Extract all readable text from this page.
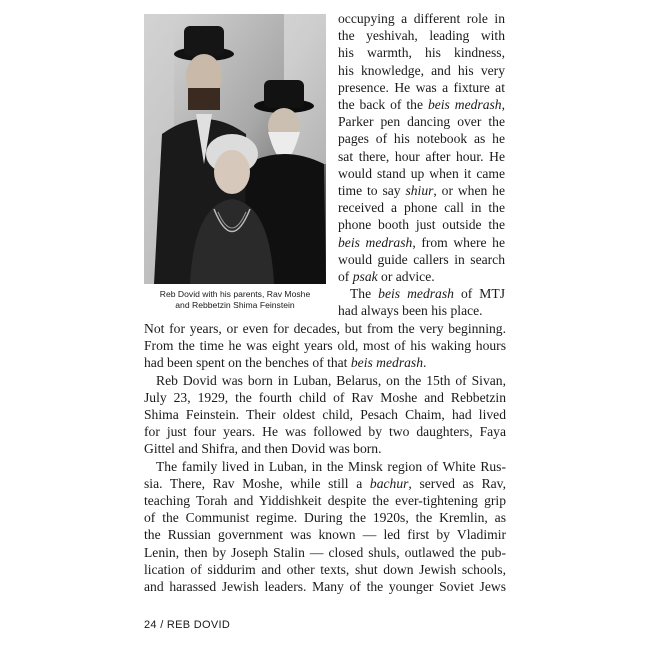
Reb Dovid with his parents, Rav Moshe
and Rebbetzin Shima Feinstein
occupying a different role in
the yeshivah, leading with
his warmth, his kindness,
his knowledge, and his very
presence. He was a fixture at
the back of the beis medrash,
Parker pen dancing over the
pages of his notebook as he
sat there, hour after hour. He
would stand up when it came
time to say shiur, or when he
received a phone call in the
phone booth just outside the
beis medrash, from where he
would guide callers in search
of psak or advice.
The beis medrash of MTJ
had always been his place.
Not for years, or even for decades, but from the very beginning.
From the time he was eight years old, most of his waking hours
had been spent on the benches of that beis medrash.
Reb Dovid was born in Luban, Belarus, on the 15th of Sivan,
July 23, 1929, the fourth child of Rav Moshe and Rebbetzin
Shima Feinstein. Their oldest child, Pesach Chaim, had lived
for just four years. He was followed by two daughters, Faya
Gittel and Shifra, and then Dovid was born.
The family lived in Luban, in the Minsk region of White Rus-
sia. There, Rav Moshe, while still a bachur, served as Rav,
teaching Torah and Yiddishkeit despite the ever-tightening grip
of the Communist regime. During the 1920s, the Kremlin, as
the Russian government was known — led first by Vladimir
Lenin, then by Joseph Stalin — closed shuls, outlawed the pub-
lication of siddurim and other texts, shut down Jewish schools,
and harassed Jewish leaders. Many of the younger Soviet Jews
24 / REB DOVID
